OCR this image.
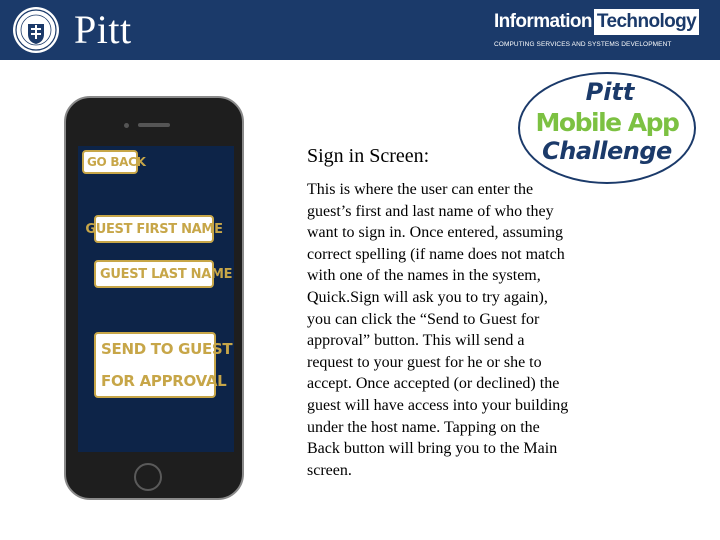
Pitt	Information Technology
COMPUTING SERVICES AND SYSTEMS DEVELOPMENT
GO BACK
GUEST FIRST NAME
GUEST LAST NAME
SEND TO GUEST
FOR APPROVAL
Pitt
Mobile App
Challenge
Sign in Screen:
This is where the user can enter the guest’s first and last name of who they want to sign in. Once entered, assuming correct spelling (if name does not match with one of the names in the system, Quick.Sign will ask you to try again), you can click the “Send to Guest for approval” button. This will send a request to your guest for he or she to accept. Once accepted (or declined) the guest will have access into your building under the host name. Tapping on the Back button will bring you to the Main screen.
